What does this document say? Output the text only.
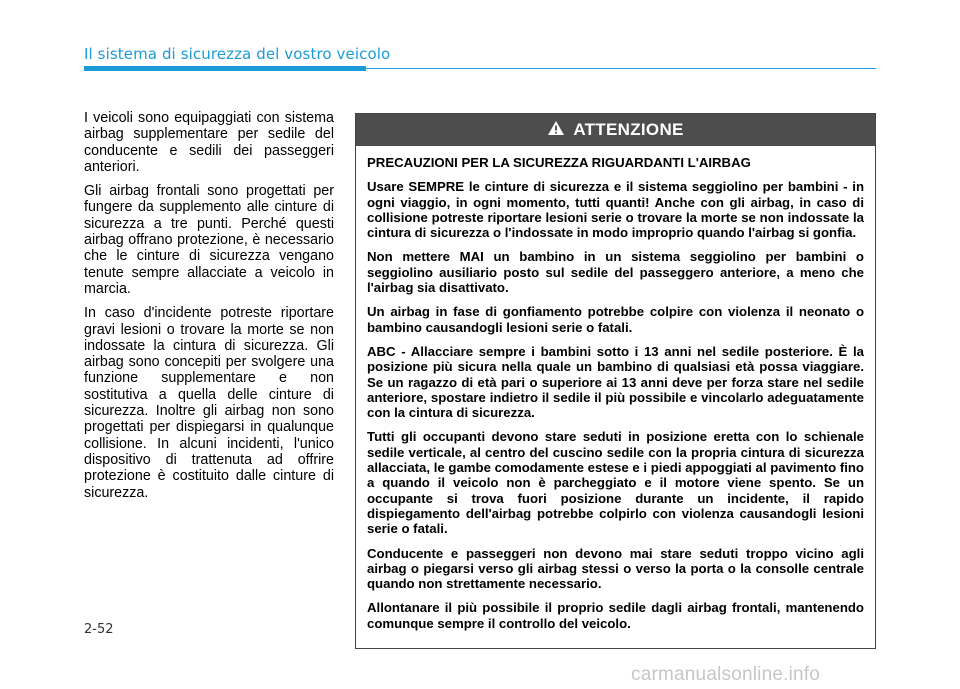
Il sistema di sicurezza del vostro veicolo

I veicoli sono equipaggiati con sistema airbag supplementare per sedile del conducente e sedili dei passeggeri anteriori.

Gli airbag frontali sono progettati per fungere da supplemento alle cinture di sicurezza a tre punti. Perché questi airbag offrano protezione, è necessario che le cinture di sicurezza vengano tenute sempre allacciate a veicolo in marcia.

In caso d'incidente potreste riportare gravi lesioni o trovare la morte se non indossate la cintura di sicurezza. Gli airbag sono concepiti per svolgere una funzione supplementare e non sostitutiva a quella delle cinture di sicurezza. Inoltre gli airbag non sono progettati per dispiegarsi in qualunque collisione. In alcuni incidenti, l'unico dispositivo di trattenuta ad offrire protezione è costituito dalle cinture di sicurezza.

ATTENZIONE

PRECAUZIONI PER LA SICUREZZA RIGUARDANTI L'AIRBAG

Usare SEMPRE le cinture di sicurezza e il sistema seggiolino per bambini - in ogni viaggio, in ogni momento, tutti quanti! Anche con gli airbag, in caso di collisione potreste riportare lesioni serie o trovare la morte se non indossate la cintura di sicurezza o l'indossate in modo improprio quando l'airbag si gonfia.

Non mettere MAI un bambino in un sistema seggiolino per bambini o seggiolino ausiliario posto sul sedile del passeggero anteriore, a meno che l'airbag sia disattivato.

Un airbag in fase di gonfiamento potrebbe colpire con violenza il neonato o bambino causandogli lesioni serie o fatali.

ABC - Allacciare sempre i bambini sotto i 13 anni nel sedile posteriore. È la posizione più sicura nella quale un bambino di qualsiasi età possa viaggiare. Se un ragazzo di età pari o superiore ai 13 anni deve per forza stare nel sedile anteriore, spostare indietro il sedile il più possibile e vincolarlo adeguatamente con la cintura di sicurezza.

Tutti gli occupanti devono stare seduti in posizione eretta con lo schienale sedile verticale, al centro del cuscino sedile con la propria cintura di sicurezza allacciata, le gambe comodamente estese e i piedi appoggiati al pavimento fino a quando il veicolo non è parcheggiato e il motore viene spento. Se un occupante si trova fuori posizione durante un incidente, il rapido dispiegamento dell'airbag potrebbe colpirlo con violenza causandogli lesioni serie o fatali.

Conducente e passeggeri non devono mai stare seduti troppo vicino agli airbag o piegarsi verso gli airbag stessi o verso la porta o la consolle centrale quando non strettamente necessario.

Allontanare il più possibile il proprio sedile dagli airbag frontali, mantenendo comunque sempre il controllo del veicolo.

2-52
carmanualsonline.info
